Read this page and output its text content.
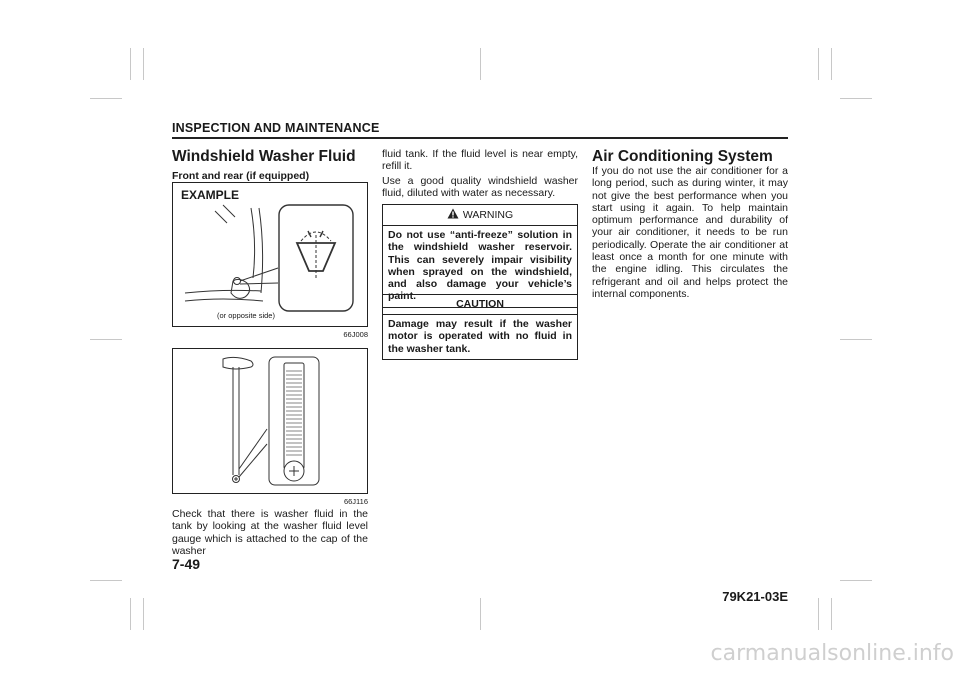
INSPECTION AND MAINTENANCE
Windshield Washer Fluid
Front and rear (if equipped)
EXAMPLE
(or opposite side)
66J008
66J116

Check that there is washer fluid in the tank by looking at the washer fluid level gauge which is attached to the cap of the washer

fluid tank. If the fluid level is near empty, refill it.

Use a good quality windshield washer fluid, diluted with water as necessary.

WARNING
Do not use “anti-freeze” solution in the windshield washer reservoir. This can severely impair visibility when sprayed on the windshield, and also damage your vehicle’s paint.
CAUTION
Damage may result if the washer motor is operated with no fluid in the washer tank.
Air Conditioning System

If you do not use the air conditioner for a long period, such as during winter, it may not give the best performance when you start using it again. To help maintain optimum performance and durability of your air conditioner, it needs to be run periodically. Operate the air conditioner at least once a month for one minute with the engine idling. This circulates the refrigerant and oil and helps protect the internal components.

7-49
79K21-03E
carmanualsonline.info
